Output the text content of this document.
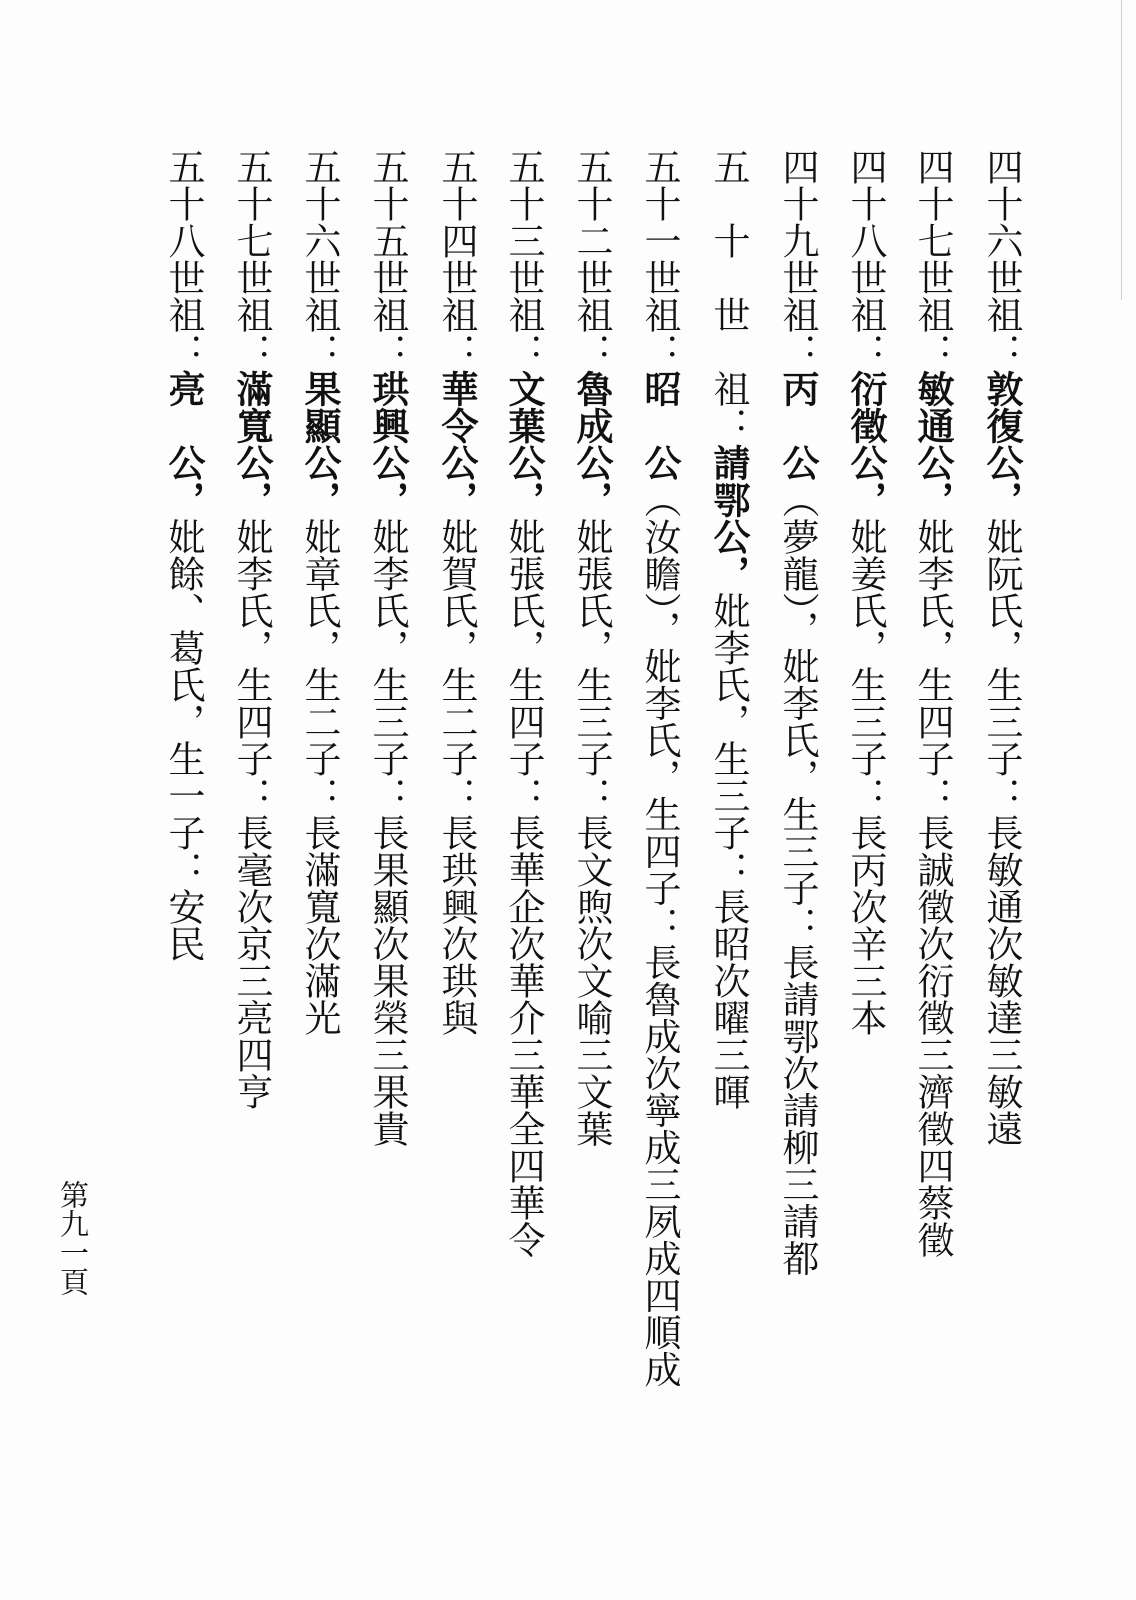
四十六世祖：敦復公，妣阮氏，生三子：長敏通次敏達三敏遠
四十七世祖：敏通公，妣李氏，生四子：長誠徵次衍徵三濟徵四蔡徵
四十八世祖：衍徵公，妣姜氏，生三子：長丙次辛三本
四十九世祖：丙　公（夢龍），妣李氏，生三子：長請鄂次請柳三請都
五　十　世　祖：請鄂公，妣李氏，生三子：長昭次曜三暉
五十一世祖：昭　公（汝瞻），妣李氏，生四子：長魯成次寧成三夙成四順成
五十二世祖：魯成公，妣張氏，生三子：長文煦次文喻三文葉
五十三世祖：文葉公，妣張氏，生四子：長華企次華介三華全四華令
五十四世祖：華令公，妣賀氏，生二子：長珙興次珙與
五十五世祖：珙興公，妣李氏，生三子：長果顯次果榮三果貴
五十六世祖：果顯公，妣章氏，生二子：長滿寬次滿光
五十七世祖：滿寬公，妣李氏，生四子：長毫次京三亮四亨
五十八世祖：亮　公，妣餘、葛氏，生一子：安民
第九一頁
